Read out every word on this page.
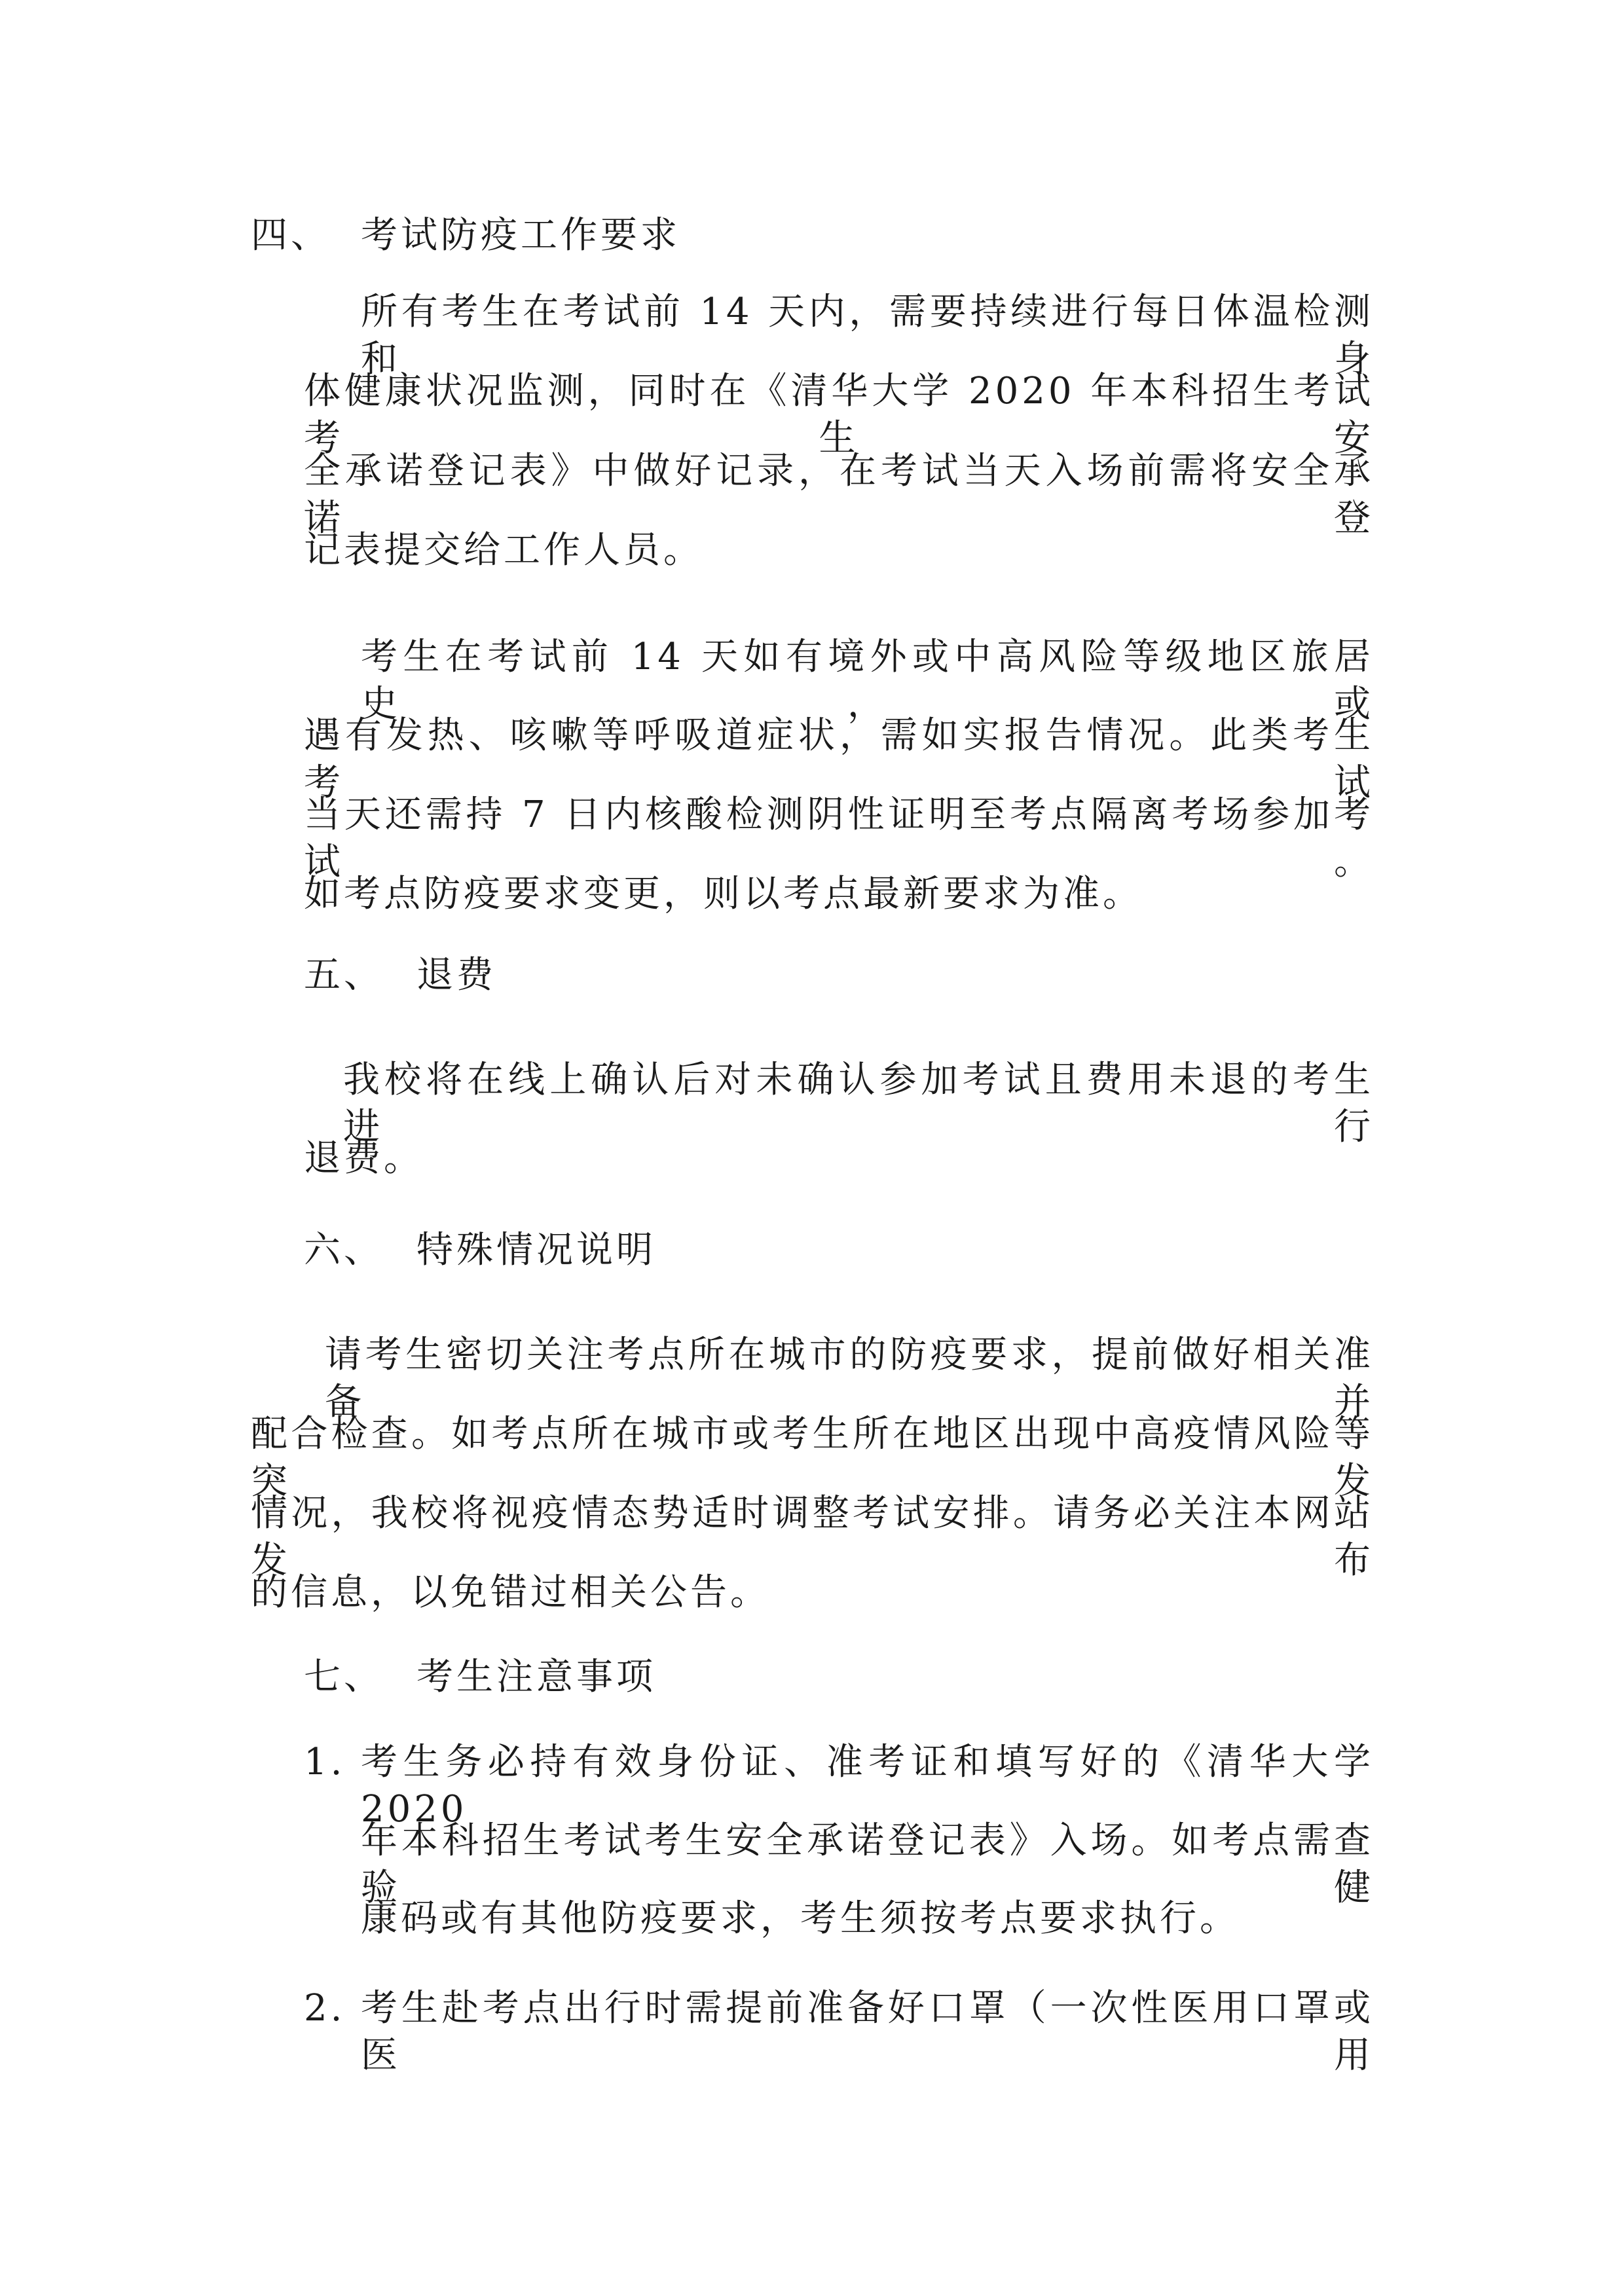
四、 考试防疫工作要求
所有考生在考试前 14 天内，需要持续进行每日体温检测和身
体健康状况监测，同时在《清华大学 2020 年本科招生考试考生安
全承诺登记表》中做好记录，在考试当天入场前需将安全承诺登
记表提交给工作人员。
考生在考试前 14 天如有境外或中高风险等级地区旅居史，或
遇有发热、咳嗽等呼吸道症状，需如实报告情况。此类考生考试
当天还需持 7 日内核酸检测阴性证明至考点隔离考场参加考试。
如考点防疫要求变更，则以考点最新要求为准。
五、 退费
我校将在线上确认后对未确认参加考试且费用未退的考生进行
退费。
六、 特殊情况说明
请考生密切关注考点所在城市的防疫要求，提前做好相关准备并
配合检查。如考点所在城市或考生所在地区出现中高疫情风险等突发
情况，我校将视疫情态势适时调整考试安排。请务必关注本网站发布
的信息，以免错过相关公告。
七、 考生注意事项
1. 考生务必持有效身份证、准考证和填写好的《清华大学 2020
年本科招生考试考生安全承诺登记表》入场。如考点需查验健
康码或有其他防疫要求，考生须按考点要求执行。
2. 考生赴考点出行时需提前准备好口罩（一次性医用口罩或医用
